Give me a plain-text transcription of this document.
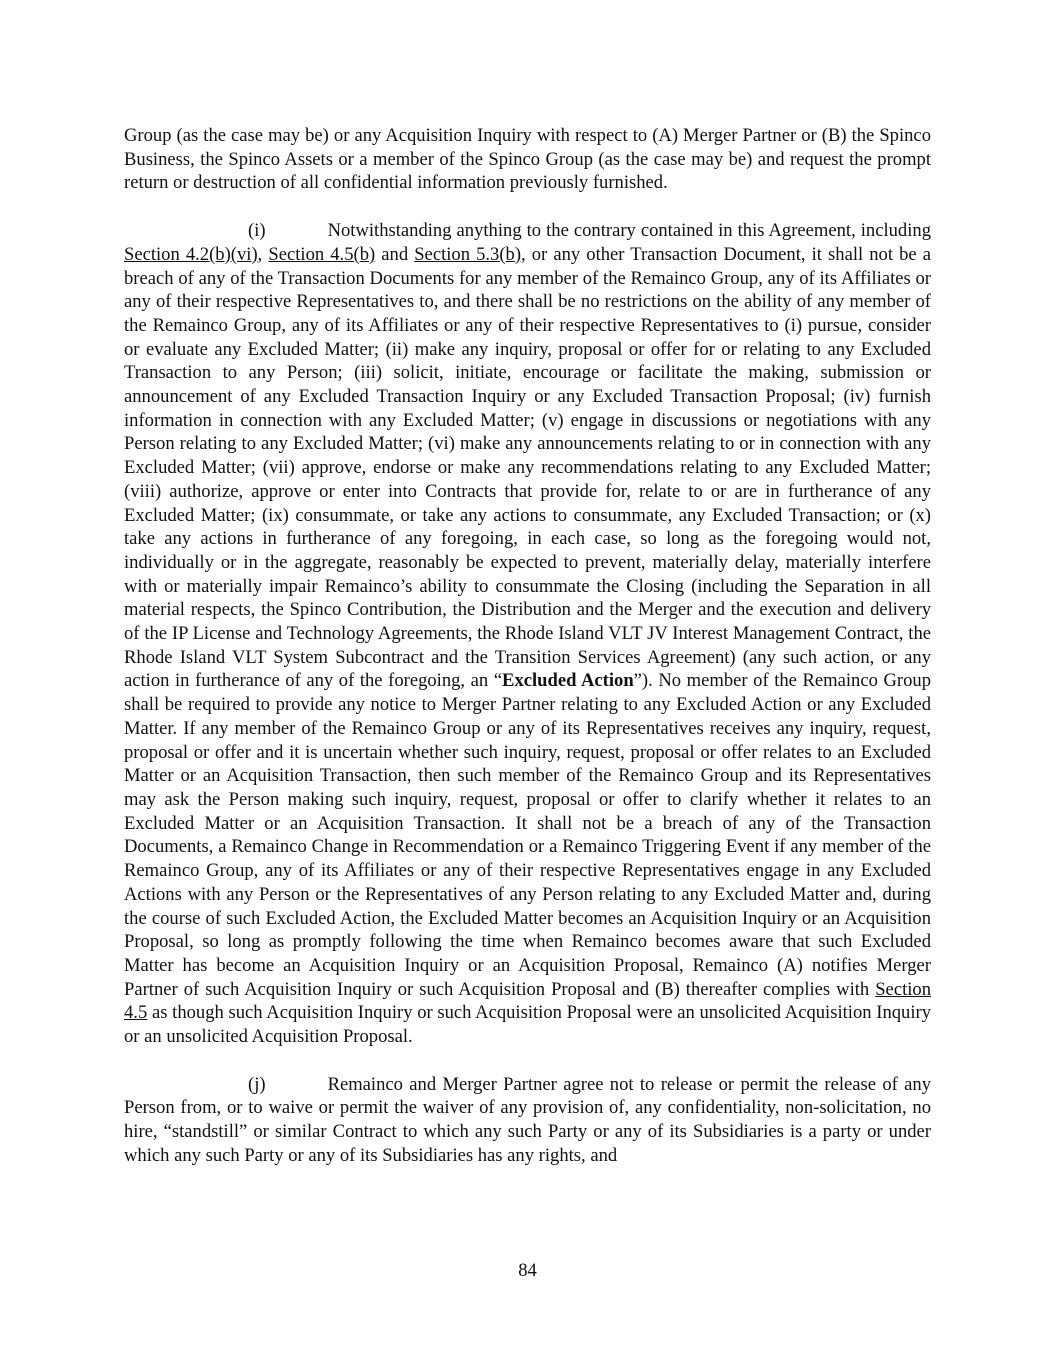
Group (as the case may be) or any Acquisition Inquiry with respect to (A) Merger Partner or (B) the Spinco Business, the Spinco Assets or a member of the Spinco Group (as the case may be) and request the prompt return or destruction of all confidential information previously furnished.

(i)	Notwithstanding anything to the contrary contained in this Agreement, including Section 4.2(b)(vi), Section 4.5(b) and Section 5.3(b), or any other Transaction Document, it shall not be a breach of any of the Transaction Documents for any member of the Remainco Group, any of its Affiliates or any of their respective Representatives to, and there shall be no restrictions on the ability of any member of the Remainco Group, any of its Affiliates or any of their respective Representatives to (i) pursue, consider or evaluate any Excluded Matter; (ii) make any inquiry, proposal or offer for or relating to any Excluded Transaction to any Person; (iii) solicit, initiate, encourage or facilitate the making, submission or announcement of any Excluded Transaction Inquiry or any Excluded Transaction Proposal; (iv) furnish information in connection with any Excluded Matter; (v) engage in discussions or negotiations with any Person relating to any Excluded Matter; (vi) make any announcements relating to or in connection with any Excluded Matter; (vii) approve, endorse or make any recommendations relating to any Excluded Matter; (viii) authorize, approve or enter into Contracts that provide for, relate to or are in furtherance of any Excluded Matter; (ix) consummate, or take any actions to consummate, any Excluded Transaction; or (x) take any actions in furtherance of any foregoing, in each case, so long as the foregoing would not, individually or in the aggregate, reasonably be expected to prevent, materially delay, materially interfere with or materially impair Remainco’s ability to consummate the Closing (including the Separation in all material respects, the Spinco Contribution, the Distribution and the Merger and the execution and delivery of the IP License and Technology Agreements, the Rhode Island VLT JV Interest Management Contract, the Rhode Island VLT System Subcontract and the Transition Services Agreement) (any such action, or any action in furtherance of any of the foregoing, an “Excluded Action”). No member of the Remainco Group shall be required to provide any notice to Merger Partner relating to any Excluded Action or any Excluded Matter. If any member of the Remainco Group or any of its Representatives receives any inquiry, request, proposal or offer and it is uncertain whether such inquiry, request, proposal or offer relates to an Excluded Matter or an Acquisition Transaction, then such member of the Remainco Group and its Representatives may ask the Person making such inquiry, request, proposal or offer to clarify whether it relates to an Excluded Matter or an Acquisition Transaction. It shall not be a breach of any of the Transaction Documents, a Remainco Change in Recommendation or a Remainco Triggering Event if any member of the Remainco Group, any of its Affiliates or any of their respective Representatives engage in any Excluded Actions with any Person or the Representatives of any Person relating to any Excluded Matter and, during the course of such Excluded Action, the Excluded Matter becomes an Acquisition Inquiry or an Acquisition Proposal, so long as promptly following the time when Remainco becomes aware that such Excluded Matter has become an Acquisition Inquiry or an Acquisition Proposal, Remainco (A) notifies Merger Partner of such Acquisition Inquiry or such Acquisition Proposal and (B) thereafter complies with Section 4.5 as though such Acquisition Inquiry or such Acquisition Proposal were an unsolicited Acquisition Inquiry or an unsolicited Acquisition Proposal.

(j)	Remainco and Merger Partner agree not to release or permit the release of any Person from, or to waive or permit the waiver of any provision of, any confidentiality, non-solicitation, no hire, “standstill” or similar Contract to which any such Party or any of its Subsidiaries is a party or under which any such Party or any of its Subsidiaries has any rights, and

84
